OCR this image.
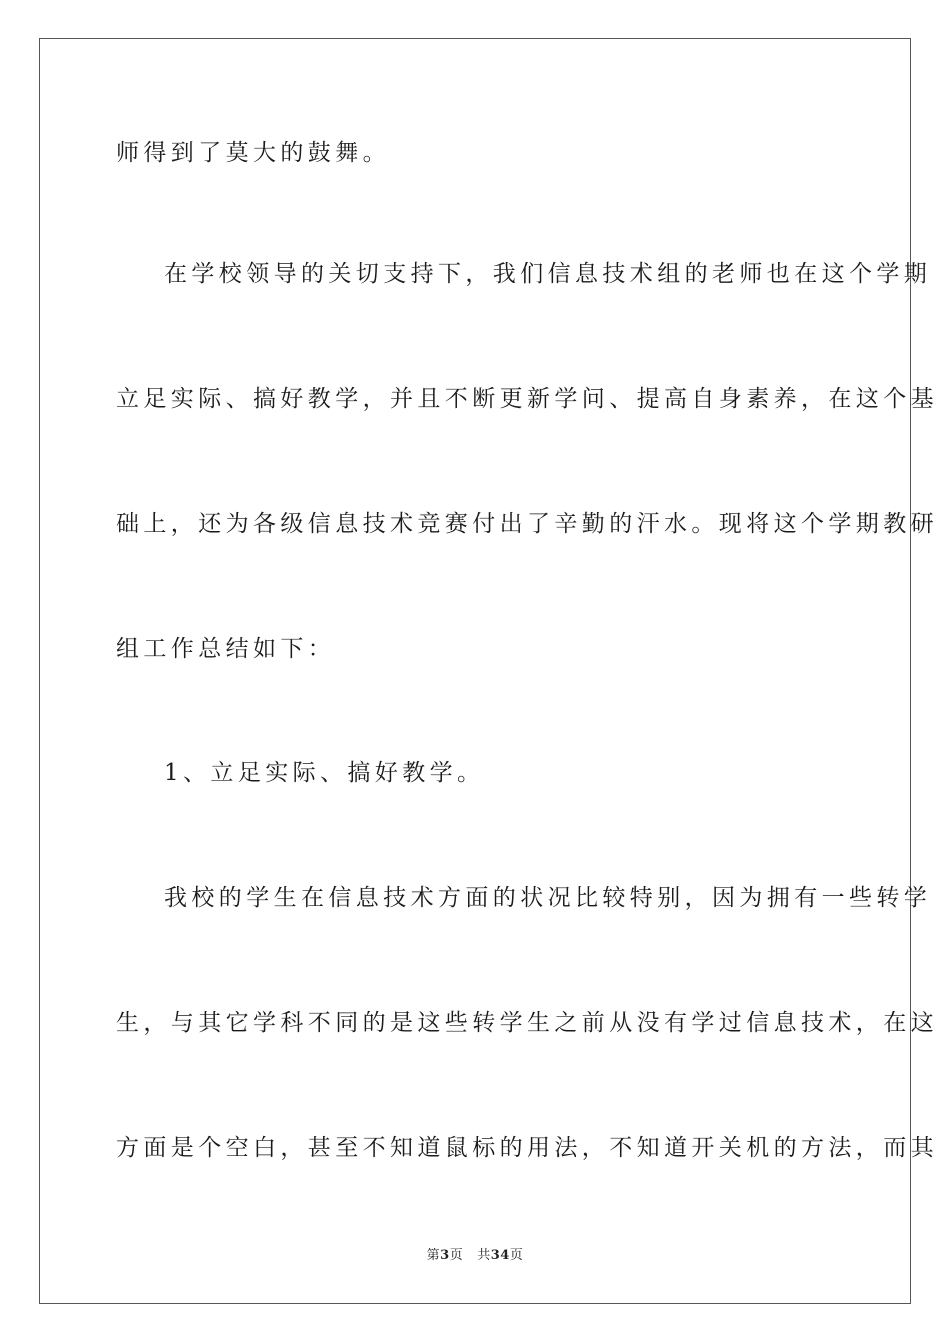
师得到了莫大的鼓舞。
在学校领导的关切支持下，我们信息技术组的老师也在这个学期
立足实际、搞好教学，并且不断更新学问、提高自身素养，在这个基
础上，还为各级信息技术竞赛付出了辛勤的汗水。现将这个学期教研
组工作总结如下：
1、立足实际、搞好教学。
我校的学生在信息技术方面的状况比较特别，因为拥有一些转学
生，与其它学科不同的是这些转学生之前从没有学过信息技术，在这
方面是个空白，甚至不知道鼠标的用法，不知道开关机的方法，而其
第3页 共34页
